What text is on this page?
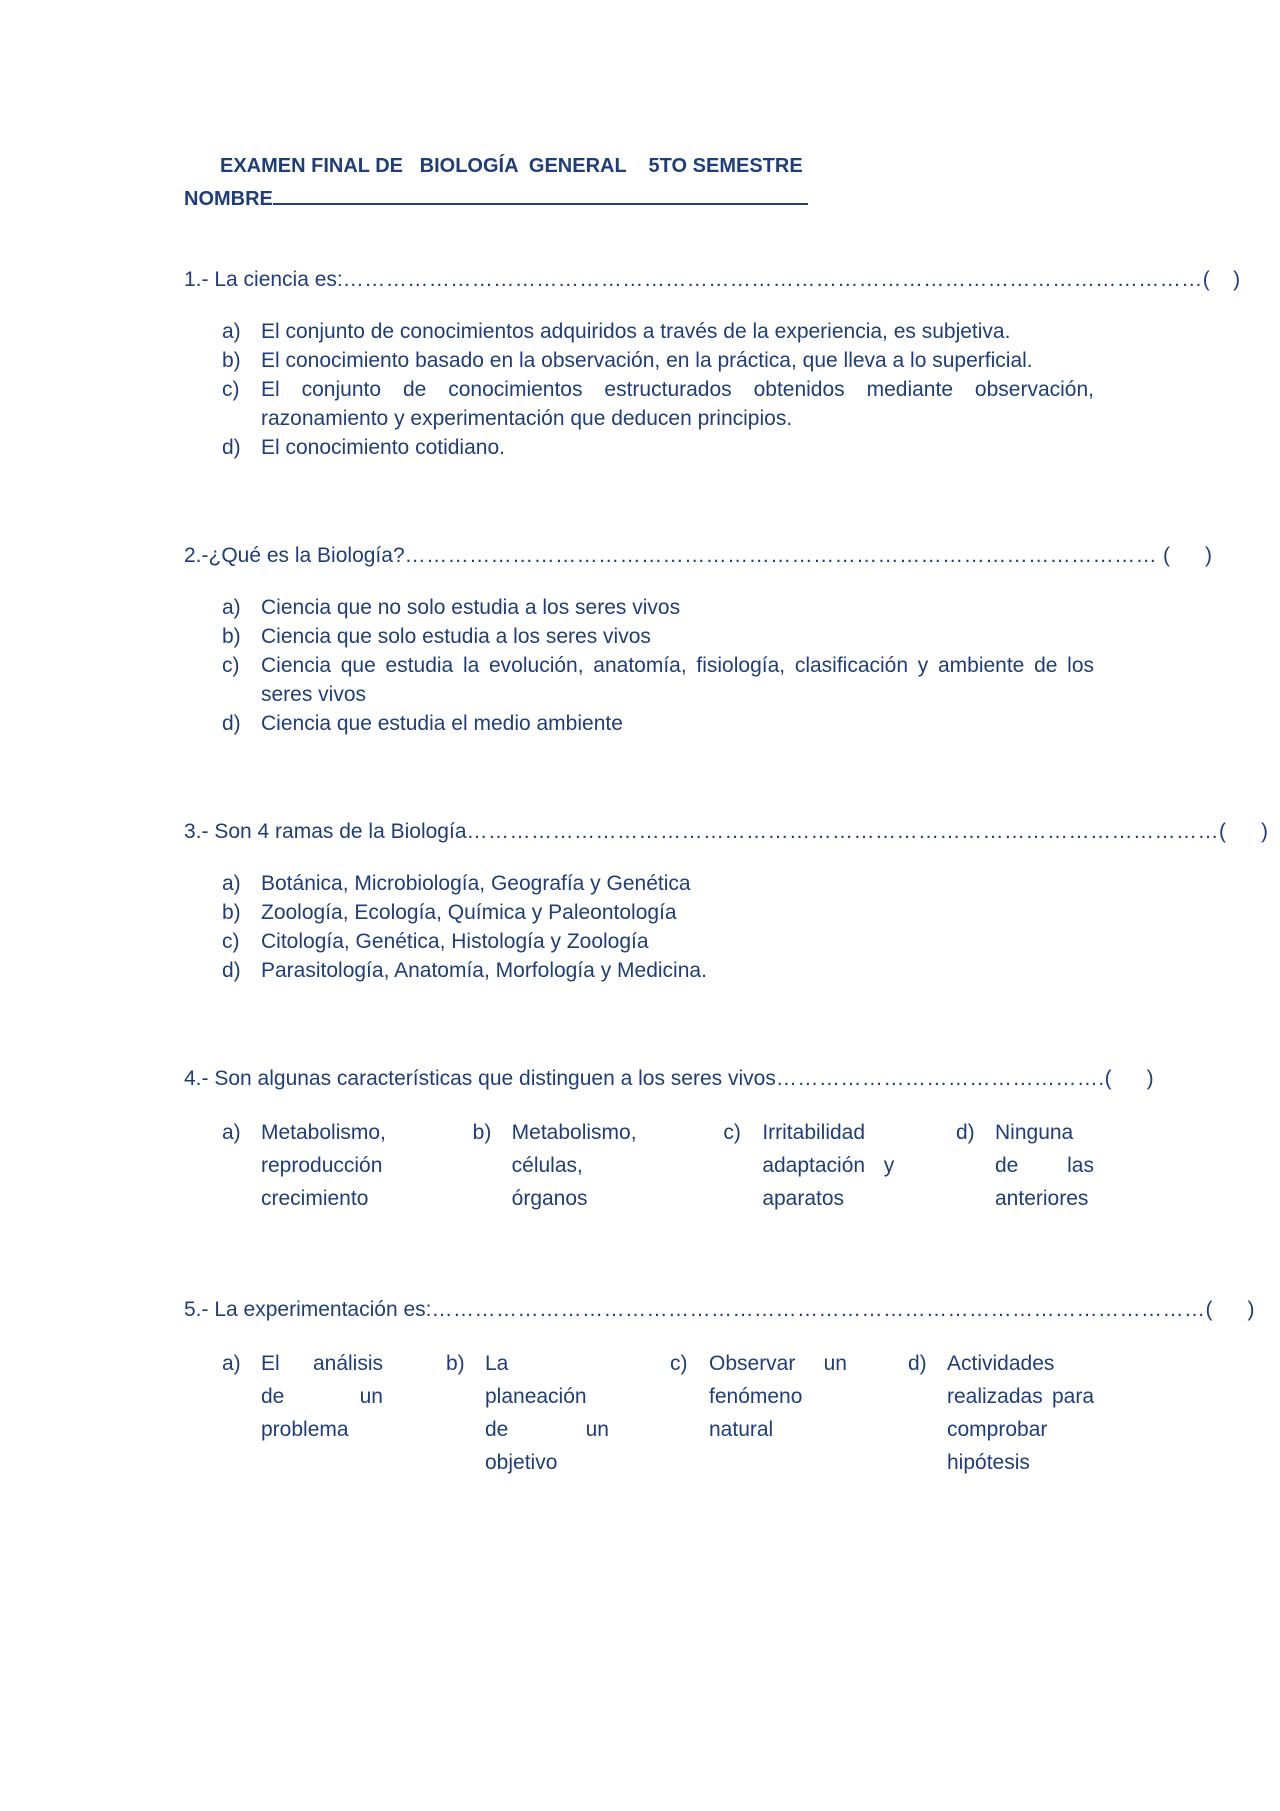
EXAMEN FINAL DE   BIOLOGÍA  GENERAL    5TO SEMESTRE
NOMBRE
1.- La ciencia es: ………………………………………………………………………………………………………… (    )
a) El conjunto de conocimientos adquiridos a través de la experiencia, es subjetiva.
b) El conocimiento basado en la observación, en la práctica, que lleva a lo superficial.
c)	El conjunto de conocimientos estructurados obtenidos mediante observación, razonamiento y experimentación que deducen principios.
d) El conocimiento cotidiano.
2.-¿Qué es la Biología? …………………………………………………………………………………………… (      )
a) Ciencia que no solo estudia a los seres vivos
b) Ciencia que solo estudia a los seres vivos
c)	Ciencia que estudia la evolución, anatomía, fisiología, clasificación y ambiente de los seres vivos
d) Ciencia que estudia el medio ambiente
3.- Son 4 ramas de la Biología …………………………………………………………………………………………… (      )
a) Botánica, Microbiología, Geografía y Genética
b) Zoología, Ecología, Química y Paleontología
c)	Citología, Genética, Histología y Zoología
d) Parasitología, Anatomía, Morfología y Medicina.
4.- Son algunas características que distinguen a los seres vivos ………………………………………. (      )
a) Metabolismo, reproducción crecimiento
b) Metabolismo, células, órganos
c)	Irritabilidad adaptación y aparatos
d) Ninguna de las anteriores
5.- La experimentación es: ……………………………………………………………………………………………… (      )
a) El análisis de un problema
b) La planeación de un objetivo
c)	Observar un fenómeno natural
d) Actividades realizadas para comprobar hipótesis
